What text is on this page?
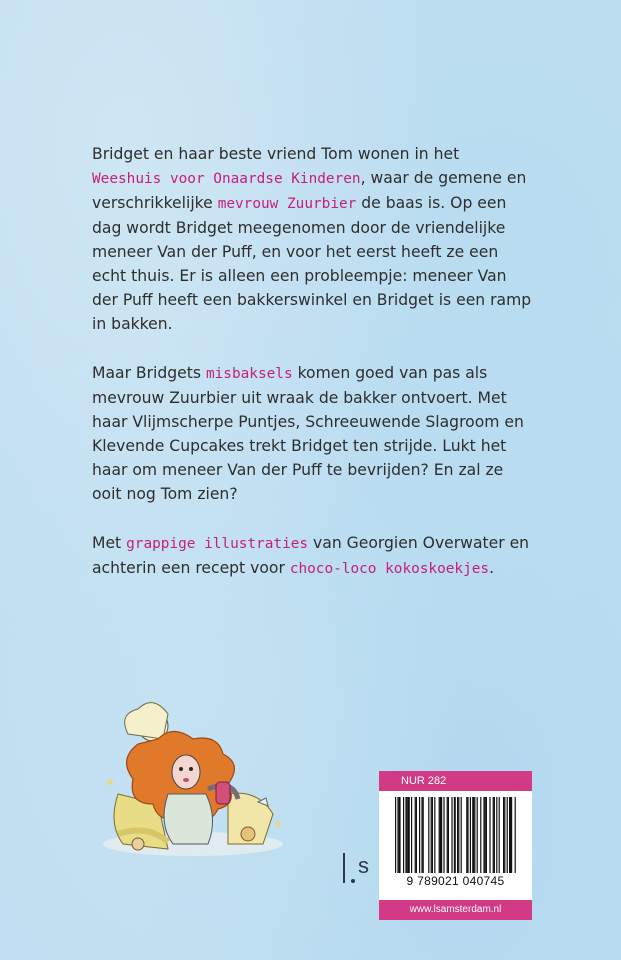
Bridget en haar beste vriend Tom wonen in het Weeshuis voor Onaardse Kinderen, waar de gemene en verschrikkelijke mevrouw Zuurbier de baas is. Op een dag wordt Bridget meegenomen door de vriendelijke meneer Van der Puff, en voor het eerst heeft ze een echt thuis. Er is alleen een probleempje: meneer Van der Puff heeft een bakkerswinkel en Bridget is een ramp in bakken.

Maar Bridgets misbaksels komen goed van pas als mevrouw Zuurbier uit wraak de bakker ontvoert. Met haar Vlijmscherpe Puntjes, Schreeuwende Slagroom en Klevende Cupcakes trekt Bridget ten strijde. Lukt het haar om meneer Van der Puff te bevrijden? En zal ze ooit nog Tom zien?

Met grappige illustraties van Georgien Overwater en achterin een recept voor choco-loco kokoskoekjes.

s
NUR 282
9 789021 040745
www.lsamsterdam.nl
